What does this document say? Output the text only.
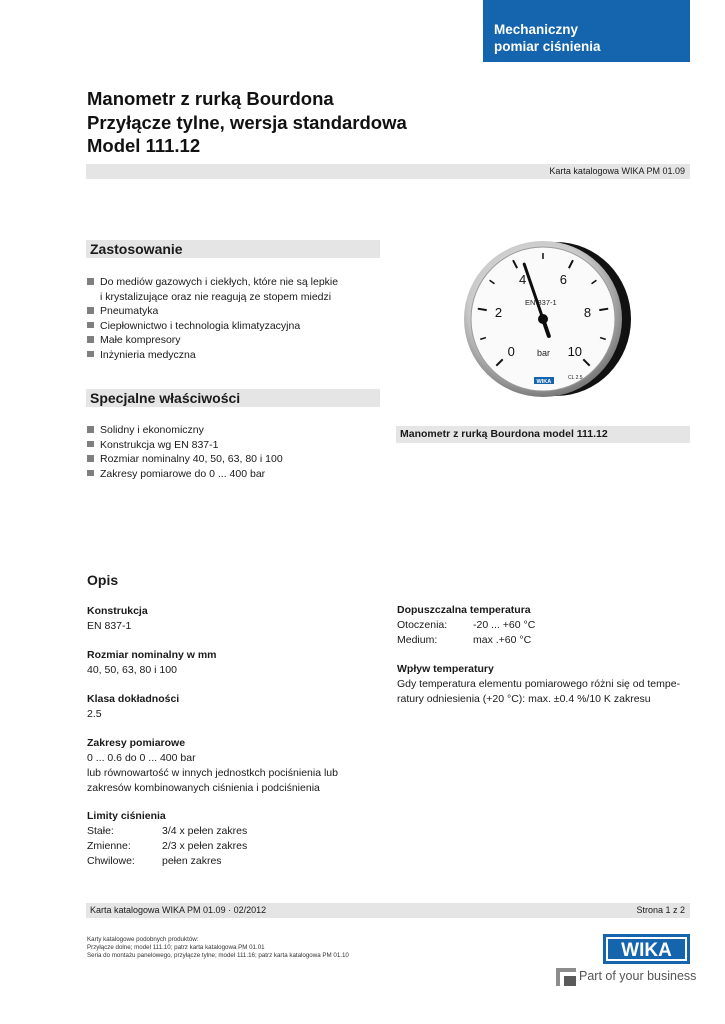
Mechaniczny
pomiar ciśnienia
Manometr z rurką Bourdona
Przyłącze tylne, wersja standardowa
Model 111.12
Karta katalogowa WIKA PM 01.09
Zastosowanie
Do mediów gazowych i ciekłych, które nie są lepkie
i krystalizujące oraz nie reagują ze stopem miedzi
Pneumatyka
Ciepłownictwo i technologia klimatyzacyjna
Małe kompresory
Inżynieria medyczna
Specjalne właściwości
Solidny i ekonomiczny
Konstrukcja wg EN 837-1
Rozmiar nominalny 40, 50, 63, 80 i 100
Zakresy pomiarowe do 0 ... 400 bar
0
2
4	6
8
10
EN 837-1
bar
CL 2.5
WIKA
Manometr z rurką Bourdona model 111.12
Opis
Konstrukcja
EN 837-1
Rozmiar nominalny w mm
40, 50, 63, 80 i 100
Klasa dokładności
2.5
Zakresy pomiarowe
0 ... 0.6 do 0 ... 400 bar
lub równowartość w innych jednostkch pociśnienia lub
zakresów kombinowanych ciśnienia i podciśnienia
Limity ciśnienia
Stałe:	3/4 x pełen zakres
Zmienne:	2/3 x pełen zakres
Chwilowe:	pełen zakres
Dopuszczalna temperatura
Otoczenia:	-20 ... +60 °C
Medium:	max .+60 °C
Wpływ temperatury
Gdy temperatura elementu pomiarowego różni się od tempe-
ratury odniesienia (+20 °C): max. ±0.4 %/10 K zakresu
Karta katalogowa WIKA PM 01.09 · 02/2012	Strona 1 z 2
Karty katalogowe podobnych produktów:
Przyłącze dolne; model 111.10; patrz karta katalogowa PM 01.01
Seria do montażu panelowego, przyłącze tylne; model 111.16; patrz karta katalogowa PM 01.10	WIKA
Part of your business
